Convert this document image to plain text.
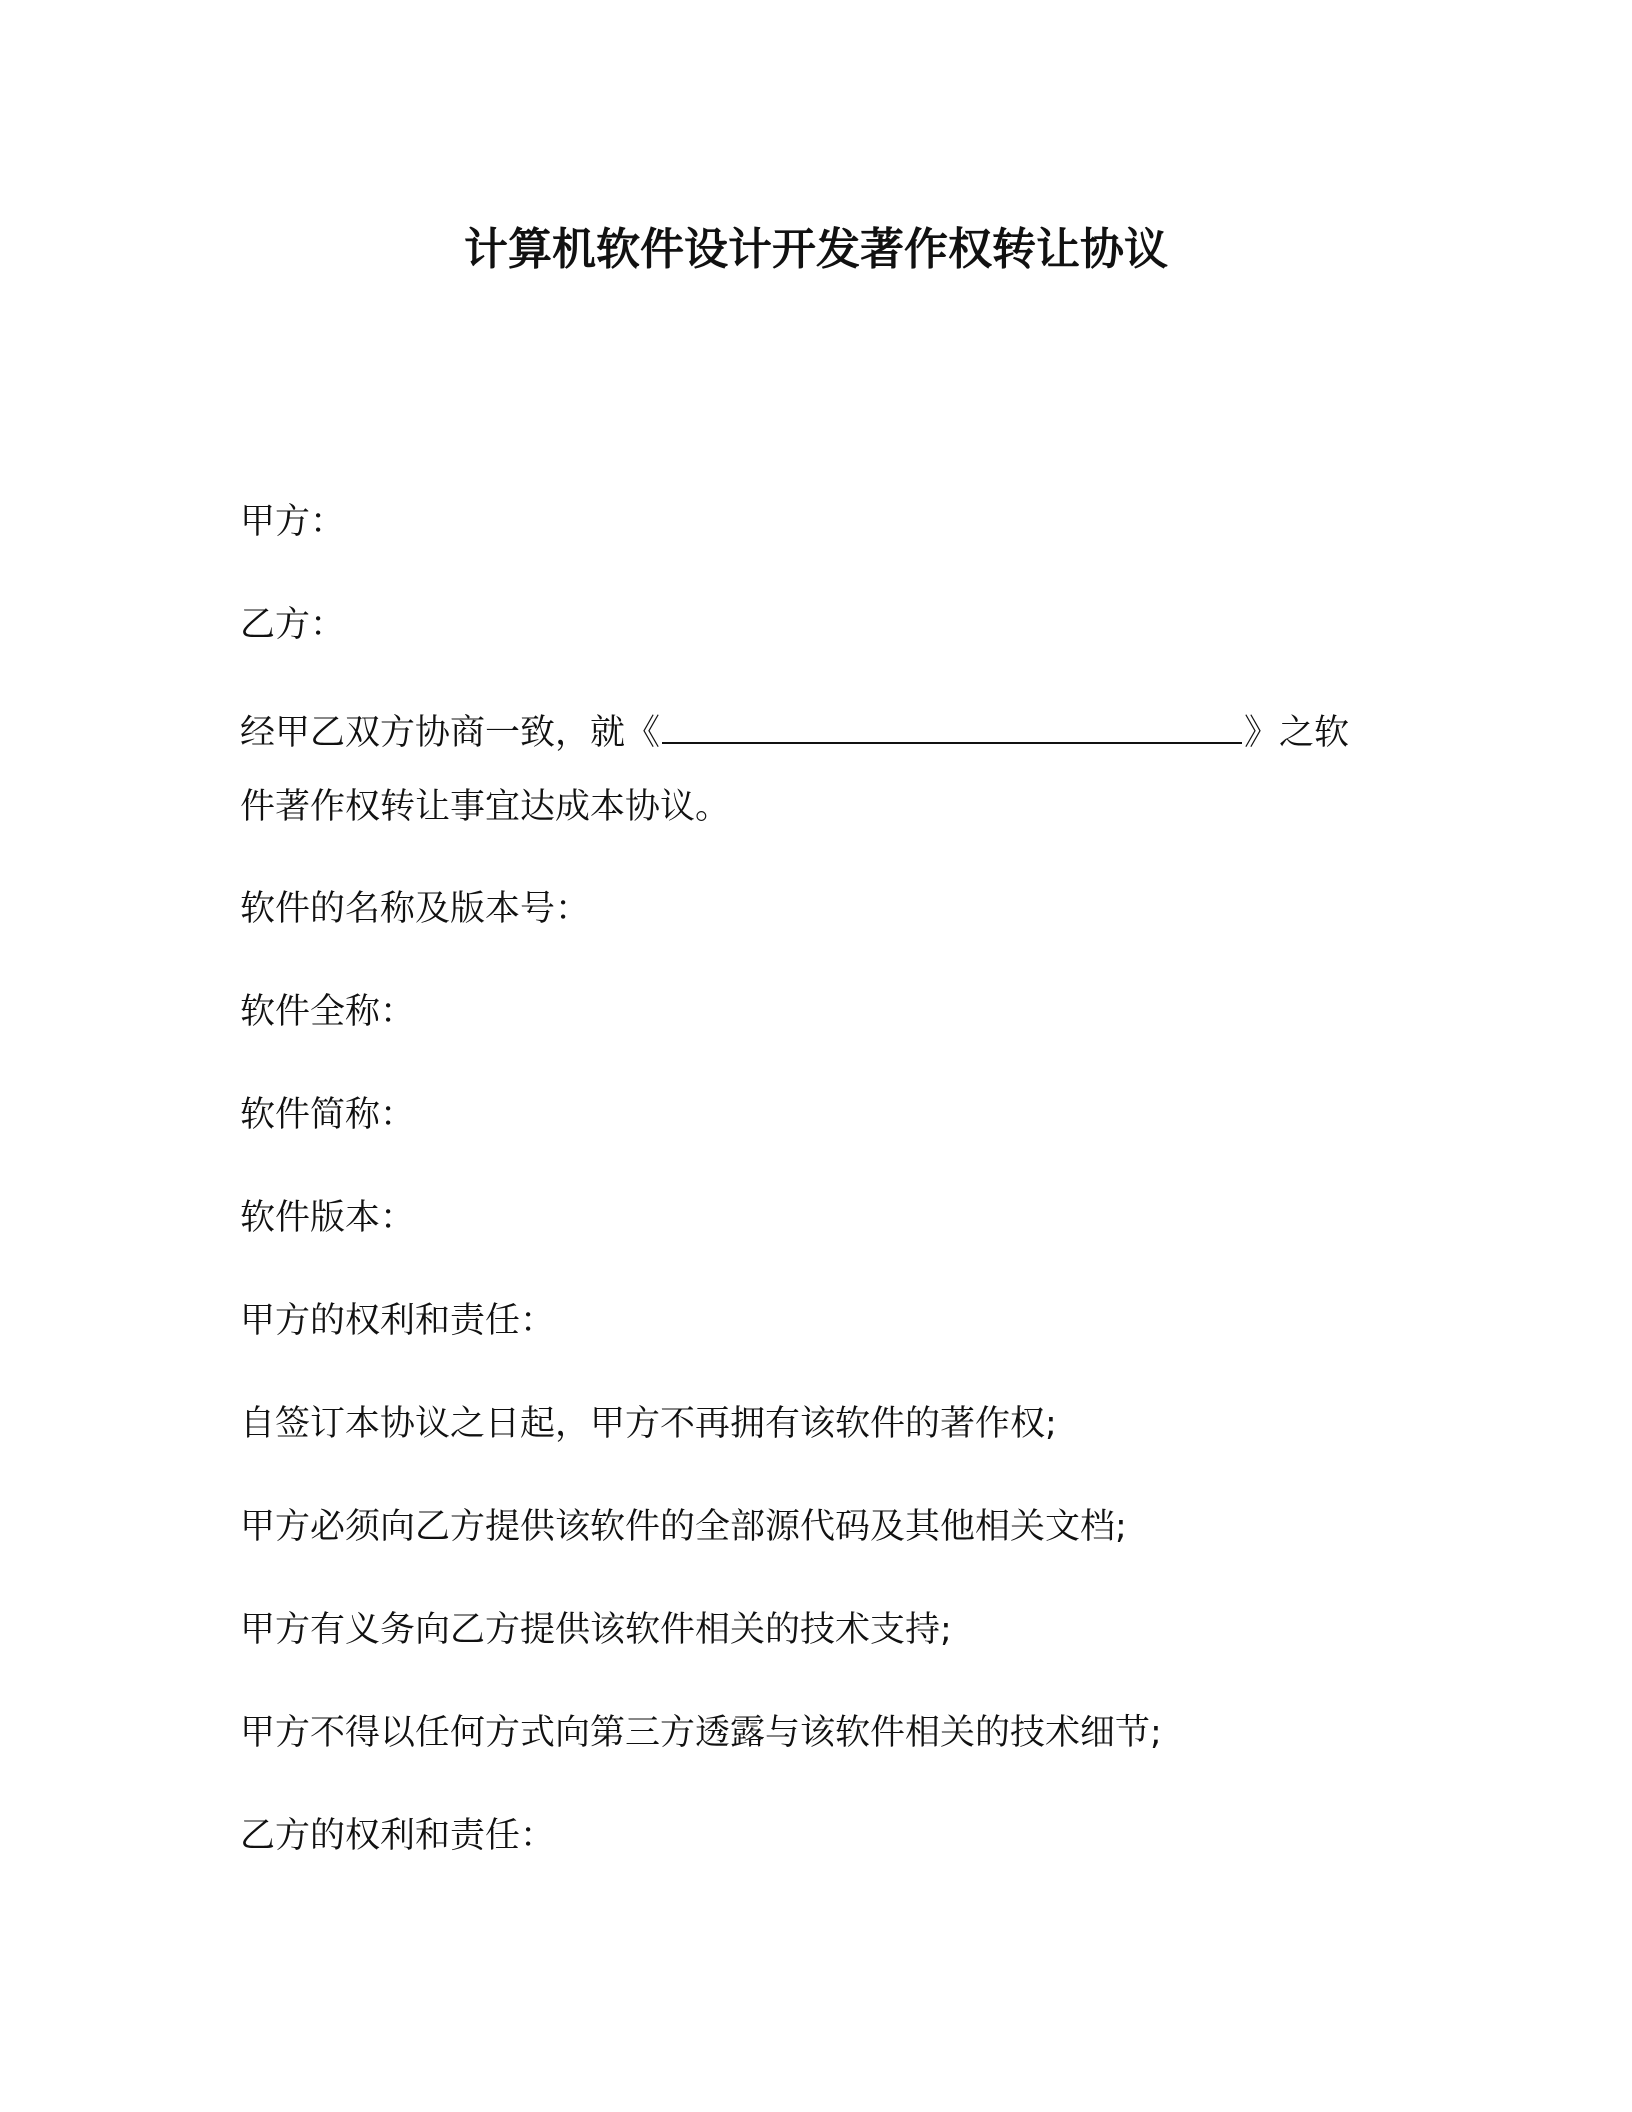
计算机软件设计开发著作权转让协议
甲方：
乙方：
经甲乙双方协商一致，就《	》之软
件著作权转让事宜达成本协议。
软件的名称及版本号：
软件全称：
软件简称：
软件版本：
甲方的权利和责任：
自签订本协议之日起，甲方不再拥有该软件的著作权;
甲方必须向乙方提供该软件的全部源代码及其他相关文档;
甲方有义务向乙方提供该软件相关的技术支持;
甲方不得以任何方式向第三方透露与该软件相关的技术细节;
乙方的权利和责任：
